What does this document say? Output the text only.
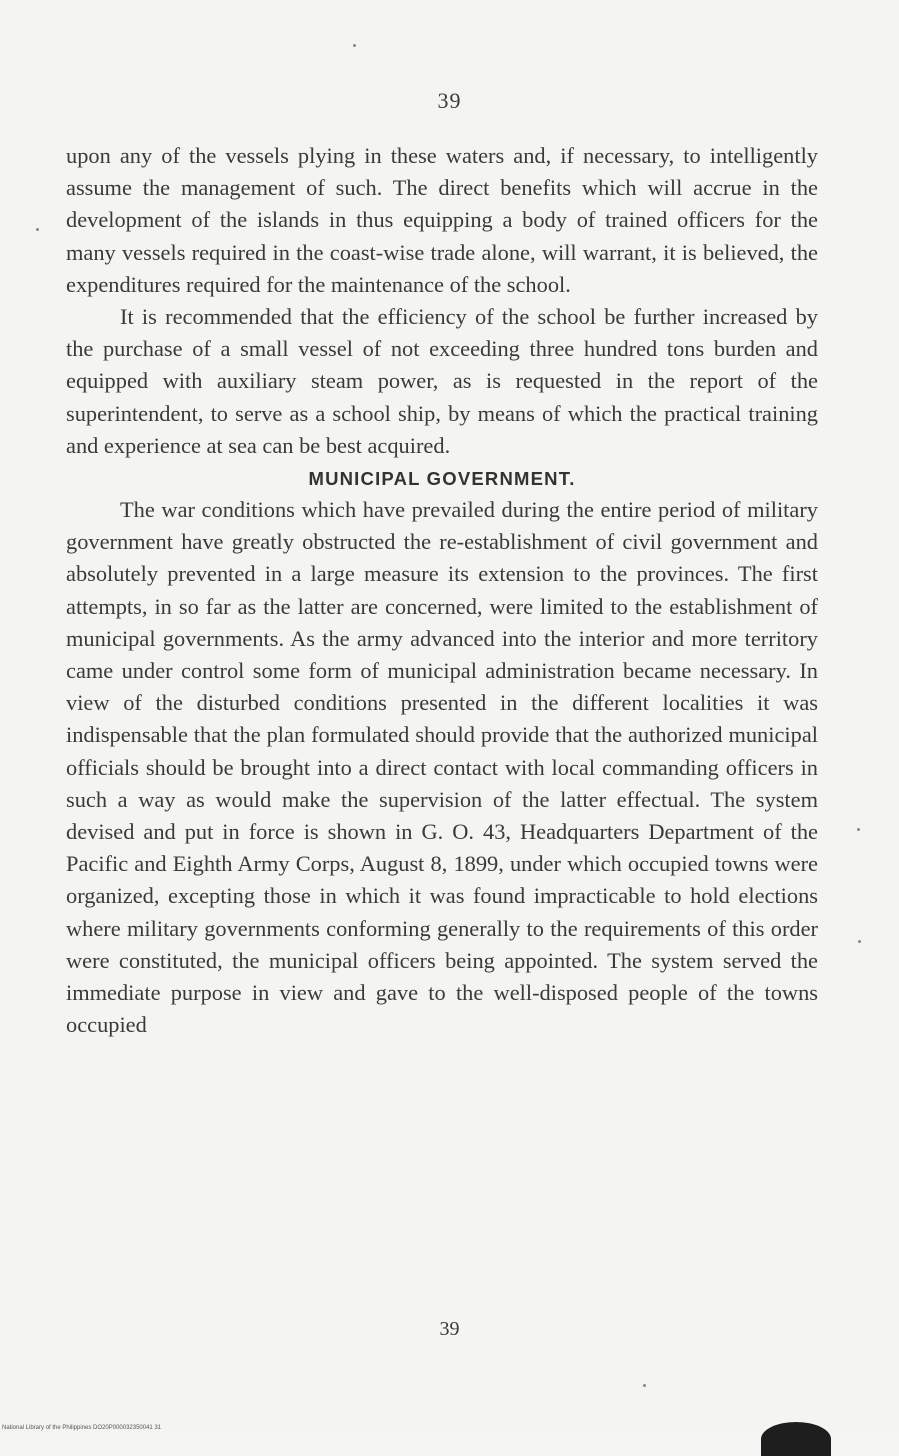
39

upon any of the vessels plying in these waters and, if necessary, to intelligently assume the management of such. The direct benefits which will accrue in the development of the islands in thus equipping a body of trained officers for the many vessels required in the coast-wise trade alone, will warrant, it is believed, the expenditures required for the maintenance of the school.

It is recommended that the efficiency of the school be further increased by the purchase of a small vessel of not exceeding three hundred tons burden and equipped with auxiliary steam power, as is requested in the report of the superintendent, to serve as a school ship, by means of which the practical training and experience at sea can be best acquired.

MUNICIPAL GOVERNMENT.

The war conditions which have prevailed during the entire period of military government have greatly obstructed the re-establishment of civil government and absolutely prevented in a large measure its extension to the provinces. The first attempts, in so far as the latter are concerned, were limited to the establishment of municipal governments. As the army advanced into the interior and more territory came under control some form of municipal administration became necessary. In view of the disturbed conditions presented in the different localities it was indispensable that the plan formulated should provide that the authorized municipal officials should be brought into a direct contact with local commanding officers in such a way as would make the supervision of the latter effectual. The system devised and put in force is shown in G. O. 43, Headquarters Department of the Pacific and Eighth Army Corps, August 8, 1899, under which occupied towns were organized, excepting those in which it was found impracticable to hold elections where military governments conforming generally to the requirements of this order were constituted, the municipal officers being appointed. The system served the immediate purpose in view and gave to the well-disposed people of the towns occupied

39
National Library of the Philippines DO20P000032350041 31
